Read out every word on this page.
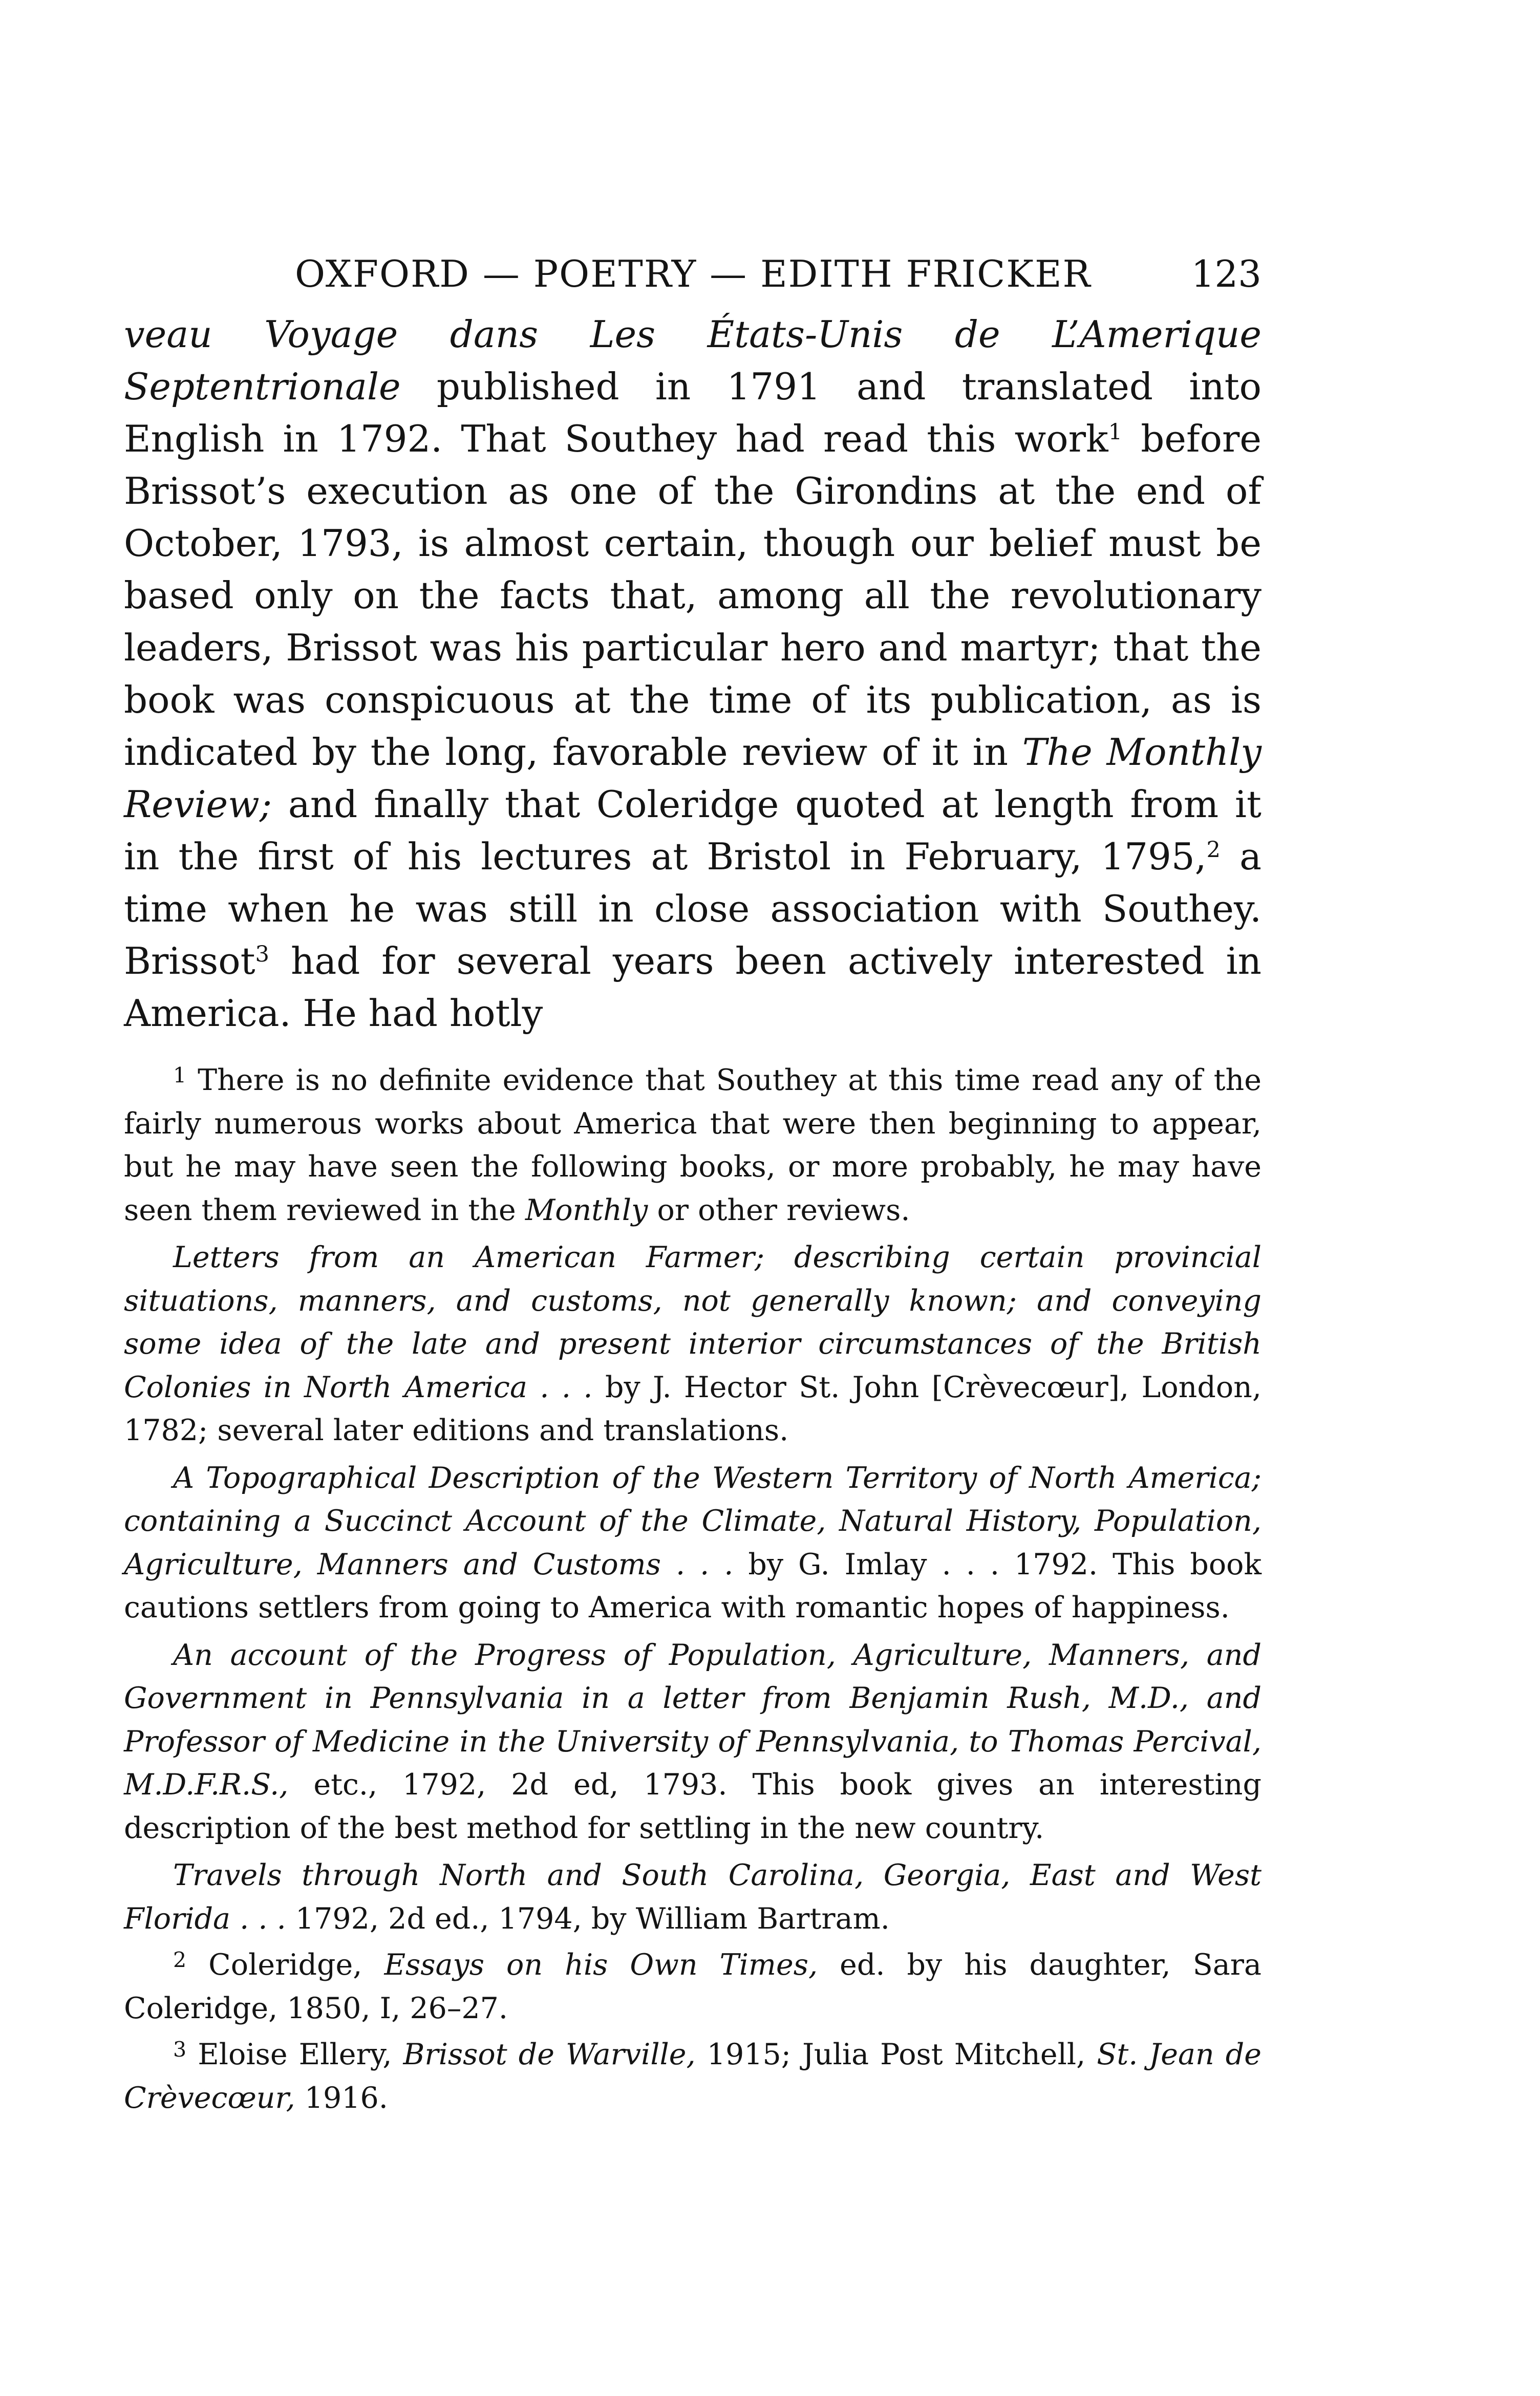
OXFORD — POETRY — EDITH FRICKER	123

veau Voyage dans Les États-Unis de L’Amerique Septentrionale published in 1791 and translated into English in 1792. That Southey had read this work$^1$ before Brissot’s execution as one of the Girondins at the end of October, 1793, is almost certain, though our belief must be based only on the facts that, among all the revolutionary leaders, Brissot was his particular hero and martyr; that the book was conspicuous at the time of its publication, as is indicated by the long, favorable review of it in The Monthly Review; and finally that Coleridge quoted at length from it in the first of his lectures at Bristol in February, 1795,$^2$ a time when he was still in close association with Southey. Brissot$^3$ had for several years been actively interested in America. He had hotly

$^1$ There is no definite evidence that Southey at this time read any of the fairly numerous works about America that were then beginning to appear, but he may have seen the following books, or more probably, he may have seen them reviewed in the Monthly or other reviews.

Letters from an American Farmer; describing certain provincial situations, manners, and customs, not generally known; and conveying some idea of the late and present interior circumstances of the British Colonies in North America . . . by J. Hector St. John [Crèvecœur], London, 1782; several later editions and translations.

A Topographical Description of the Western Territory of North America; containing a Succinct Account of the Climate, Natural History, Population, Agriculture, Manners and Customs . . . by G. Imlay . . . 1792. This book cautions settlers from going to America with romantic hopes of happiness.

An account of the Progress of Population, Agriculture, Manners, and Government in Pennsylvania in a letter from Benjamin Rush, M.D., and Professor of Medicine in the University of Pennsylvania, to Thomas Percival, M.D.F.R.S., etc., 1792, 2d ed, 1793. This book gives an interesting description of the best method for settling in the new country.

Travels through North and South Carolina, Georgia, East and West Florida . . . 1792, 2d ed., 1794, by William Bartram.

$^2$ Coleridge, Essays on his Own Times, ed. by his daughter, Sara Coleridge, 1850, I, 26–27.

$^3$ Eloise Ellery, Brissot de Warville, 1915; Julia Post Mitchell, St. Jean de Crèvecœur, 1916.
